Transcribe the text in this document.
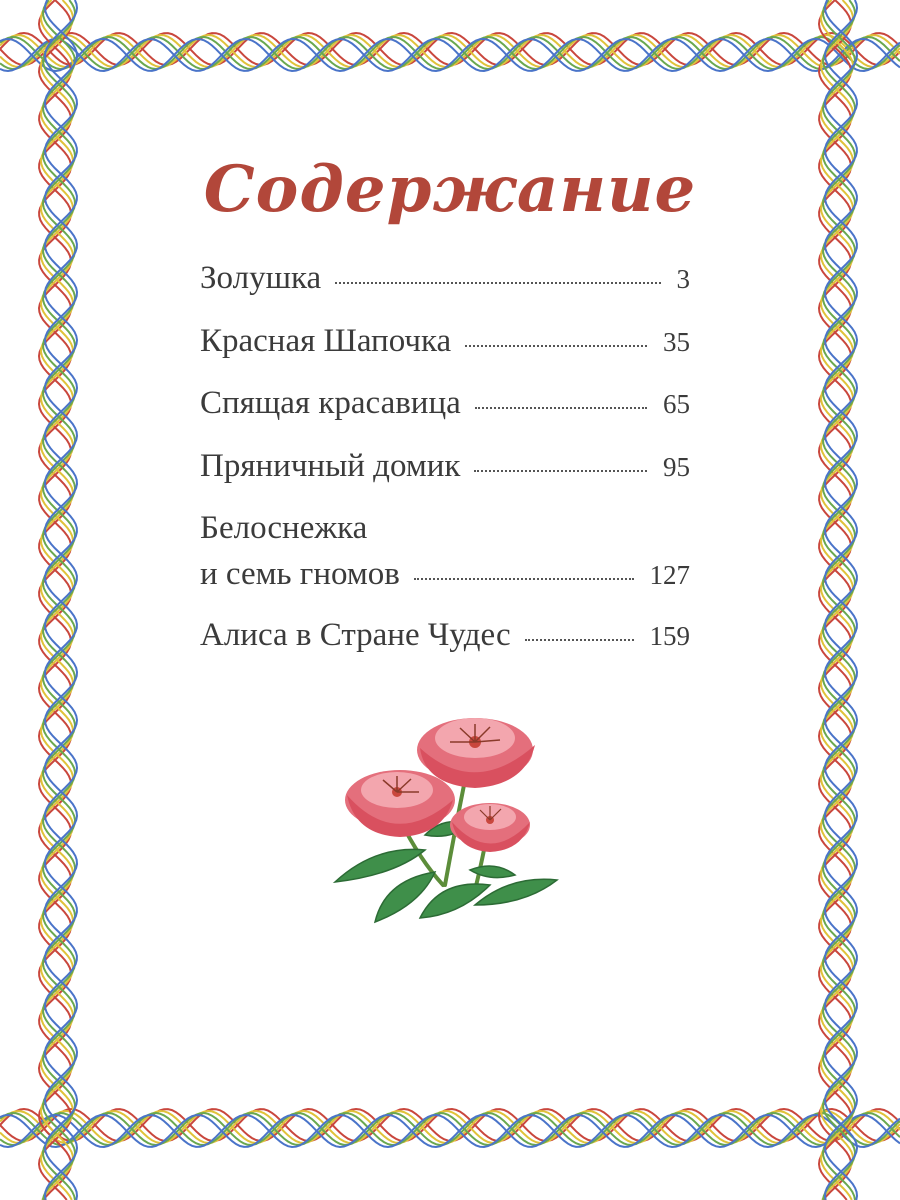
Содержание
Золушка	3
Красная Шапочка	35
Спящая красавица	65
Пряничный домик	95
Белоснежка
и семь гномов	127
Алиса в Стране Чудес	159
